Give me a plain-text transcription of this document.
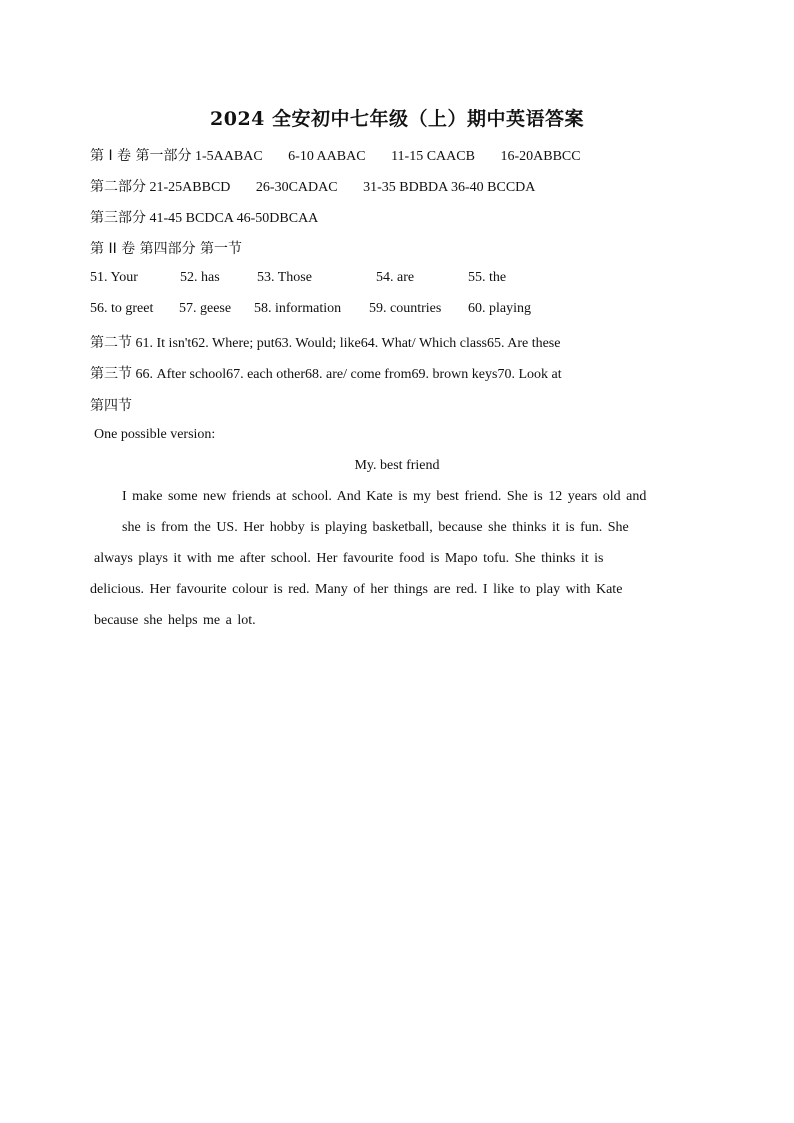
2024 全安初中七年级（上）期中英语答案
第 I 卷 第一部分 1-5AABAC 6-10 AABAC 11-15 CAACB 16-20ABBCC
第二部分 21-25ABBCD 26-30CADAC 31-35 BDBDA 36-40 BCCDA
第三部分 41-45 BCDCA 46-50DBCAA
第 II 卷 第四部分 第一节
51. Your	52. has	53. Those	54. are	55. the
56. to greet 57. geese 58. information 59. countries 60. playing
第二节 61. It isn't62. Where; put63. Would; like64. What/ Which class65. Are these
第三节 66. After school67. each other68. are/ come from69. brown keys70. Look at
第四节
One possible version:
My. best friend
I make some new friends at school. And Kate is my best friend. She is 12 years old and
she is from the US. Her hobby is playing basketball, because she thinks it is fun. She
always plays it with me after school. Her favourite food is Mapo tofu. She thinks it is
delicious. Her favourite colour is red. Many of her things are red. I like to play with Kate
because she helps me a lot.
